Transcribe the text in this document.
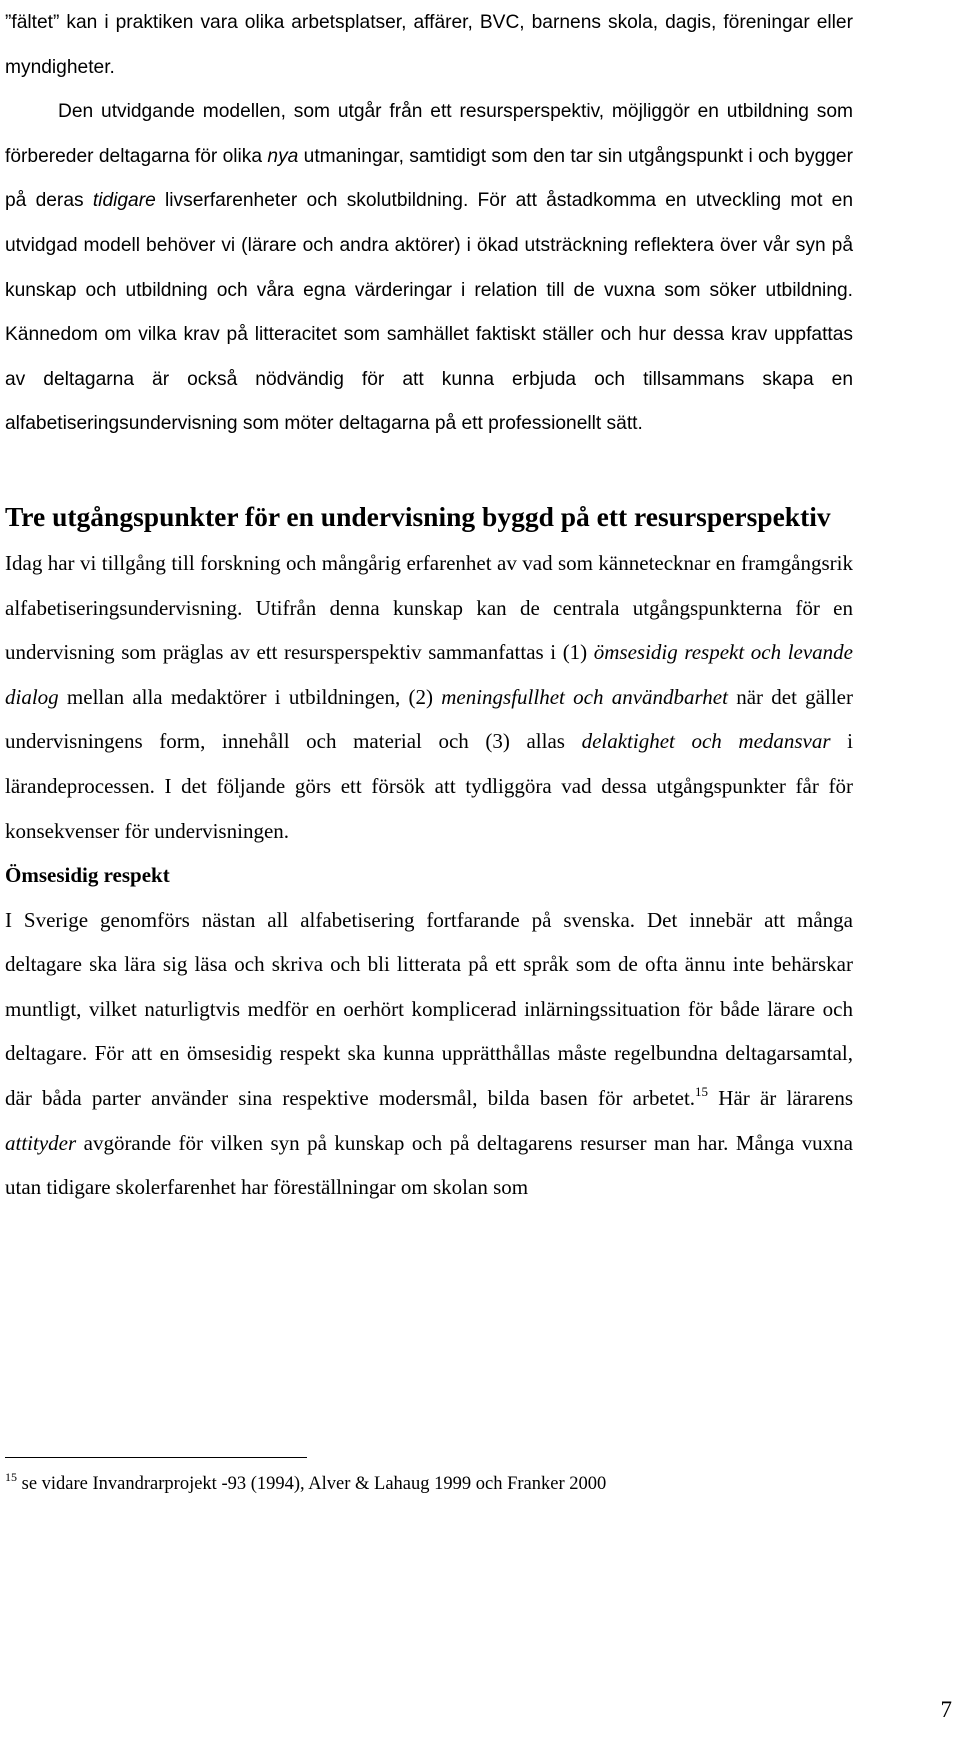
”fältet” kan i praktiken vara olika arbetsplatser, affärer, BVC, barnens skola, dagis, föreningar eller myndigheter.

Den utvidgande modellen, som utgår från ett resursperspektiv, möjliggör en utbildning som förbereder deltagarna för olika nya utmaningar, samtidigt som den tar sin utgångspunkt i och bygger på deras tidigare livserfarenheter och skolutbildning. För att åstadkomma en utveckling mot en utvidgad modell behöver vi (lärare och andra aktörer) i ökad utsträckning reflektera över vår syn på kunskap och utbildning och våra egna värderingar i relation till de vuxna som söker utbildning. Kännedom om vilka krav på litteracitet som samhället faktiskt ställer och hur dessa krav uppfattas av deltagarna är också nödvändig för att kunna erbjuda och tillsammans skapa en alfabetiseringsundervisning som möter deltagarna på ett professionellt sätt.

Tre utgångspunkter för en undervisning byggd på ett resursperspektiv

Idag har vi tillgång till forskning och mångårig erfarenhet av vad som kännetecknar en framgångsrik alfabetiseringsundervisning. Utifrån denna kunskap kan de centrala utgångspunkterna för en undervisning som präglas av ett resursperspektiv sammanfattas i (1) ömsesidig respekt och levande dialog mellan alla medaktörer i utbildningen, (2) meningsfullhet och användbarhet när det gäller undervisningens form, innehåll och material och (3) allas delaktighet och medansvar i lärandeprocessen. I det följande görs ett försök att tydliggöra vad dessa utgångspunkter får för konsekvenser för undervisningen.

Ömsesidig respekt

I Sverige genomförs nästan all alfabetisering fortfarande på svenska. Det innebär att många deltagare ska lära sig läsa och skriva och bli litterata på ett språk som de ofta ännu inte behärskar muntligt, vilket naturligtvis medför en oerhört komplicerad inlärningssituation för både lärare och deltagare. För att en ömsesidig respekt ska kunna upprätthållas måste regelbundna deltagarsamtal, där båda parter använder sina respektive modersmål, bilda basen för arbetet.$^{15}$ Här är lärarens attityder avgörande för vilken syn på kunskap och på deltagarens resurser man har. Många vuxna utan tidigare skolerfarenhet har föreställningar om skolan som

$^{15}$ se vidare Invandrarprojekt -93 (1994), Alver & Lahaug 1999 och Franker 2000
7
